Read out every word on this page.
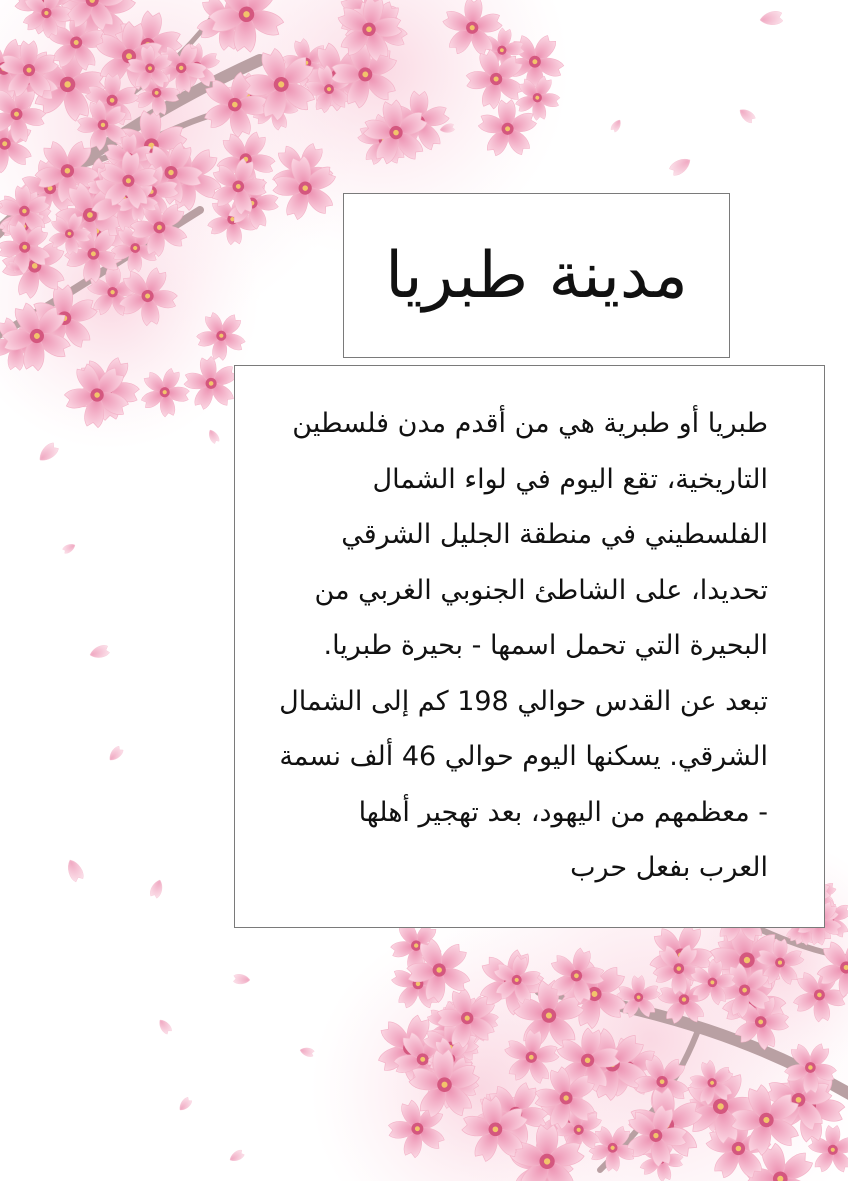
مدينة طبريا

طبريا أو طبرية هي من أقدم مدن فلسطين

التاريخية، تقع اليوم في لواء الشمال

الفلسطيني في منطقة الجليل الشرقي

تحديدا، على الشاطئ الجنوبي الغربي من

البحيرة التي تحمل اسمها - بحيرة طبريا.

تبعد عن القدس حوالي 198 كم إلى الشمال

الشرقي. يسكنها اليوم حوالي 46 ألف نسمة

- معظمهم من اليهود، بعد تهجير أهلها

العرب بفعل حرب
